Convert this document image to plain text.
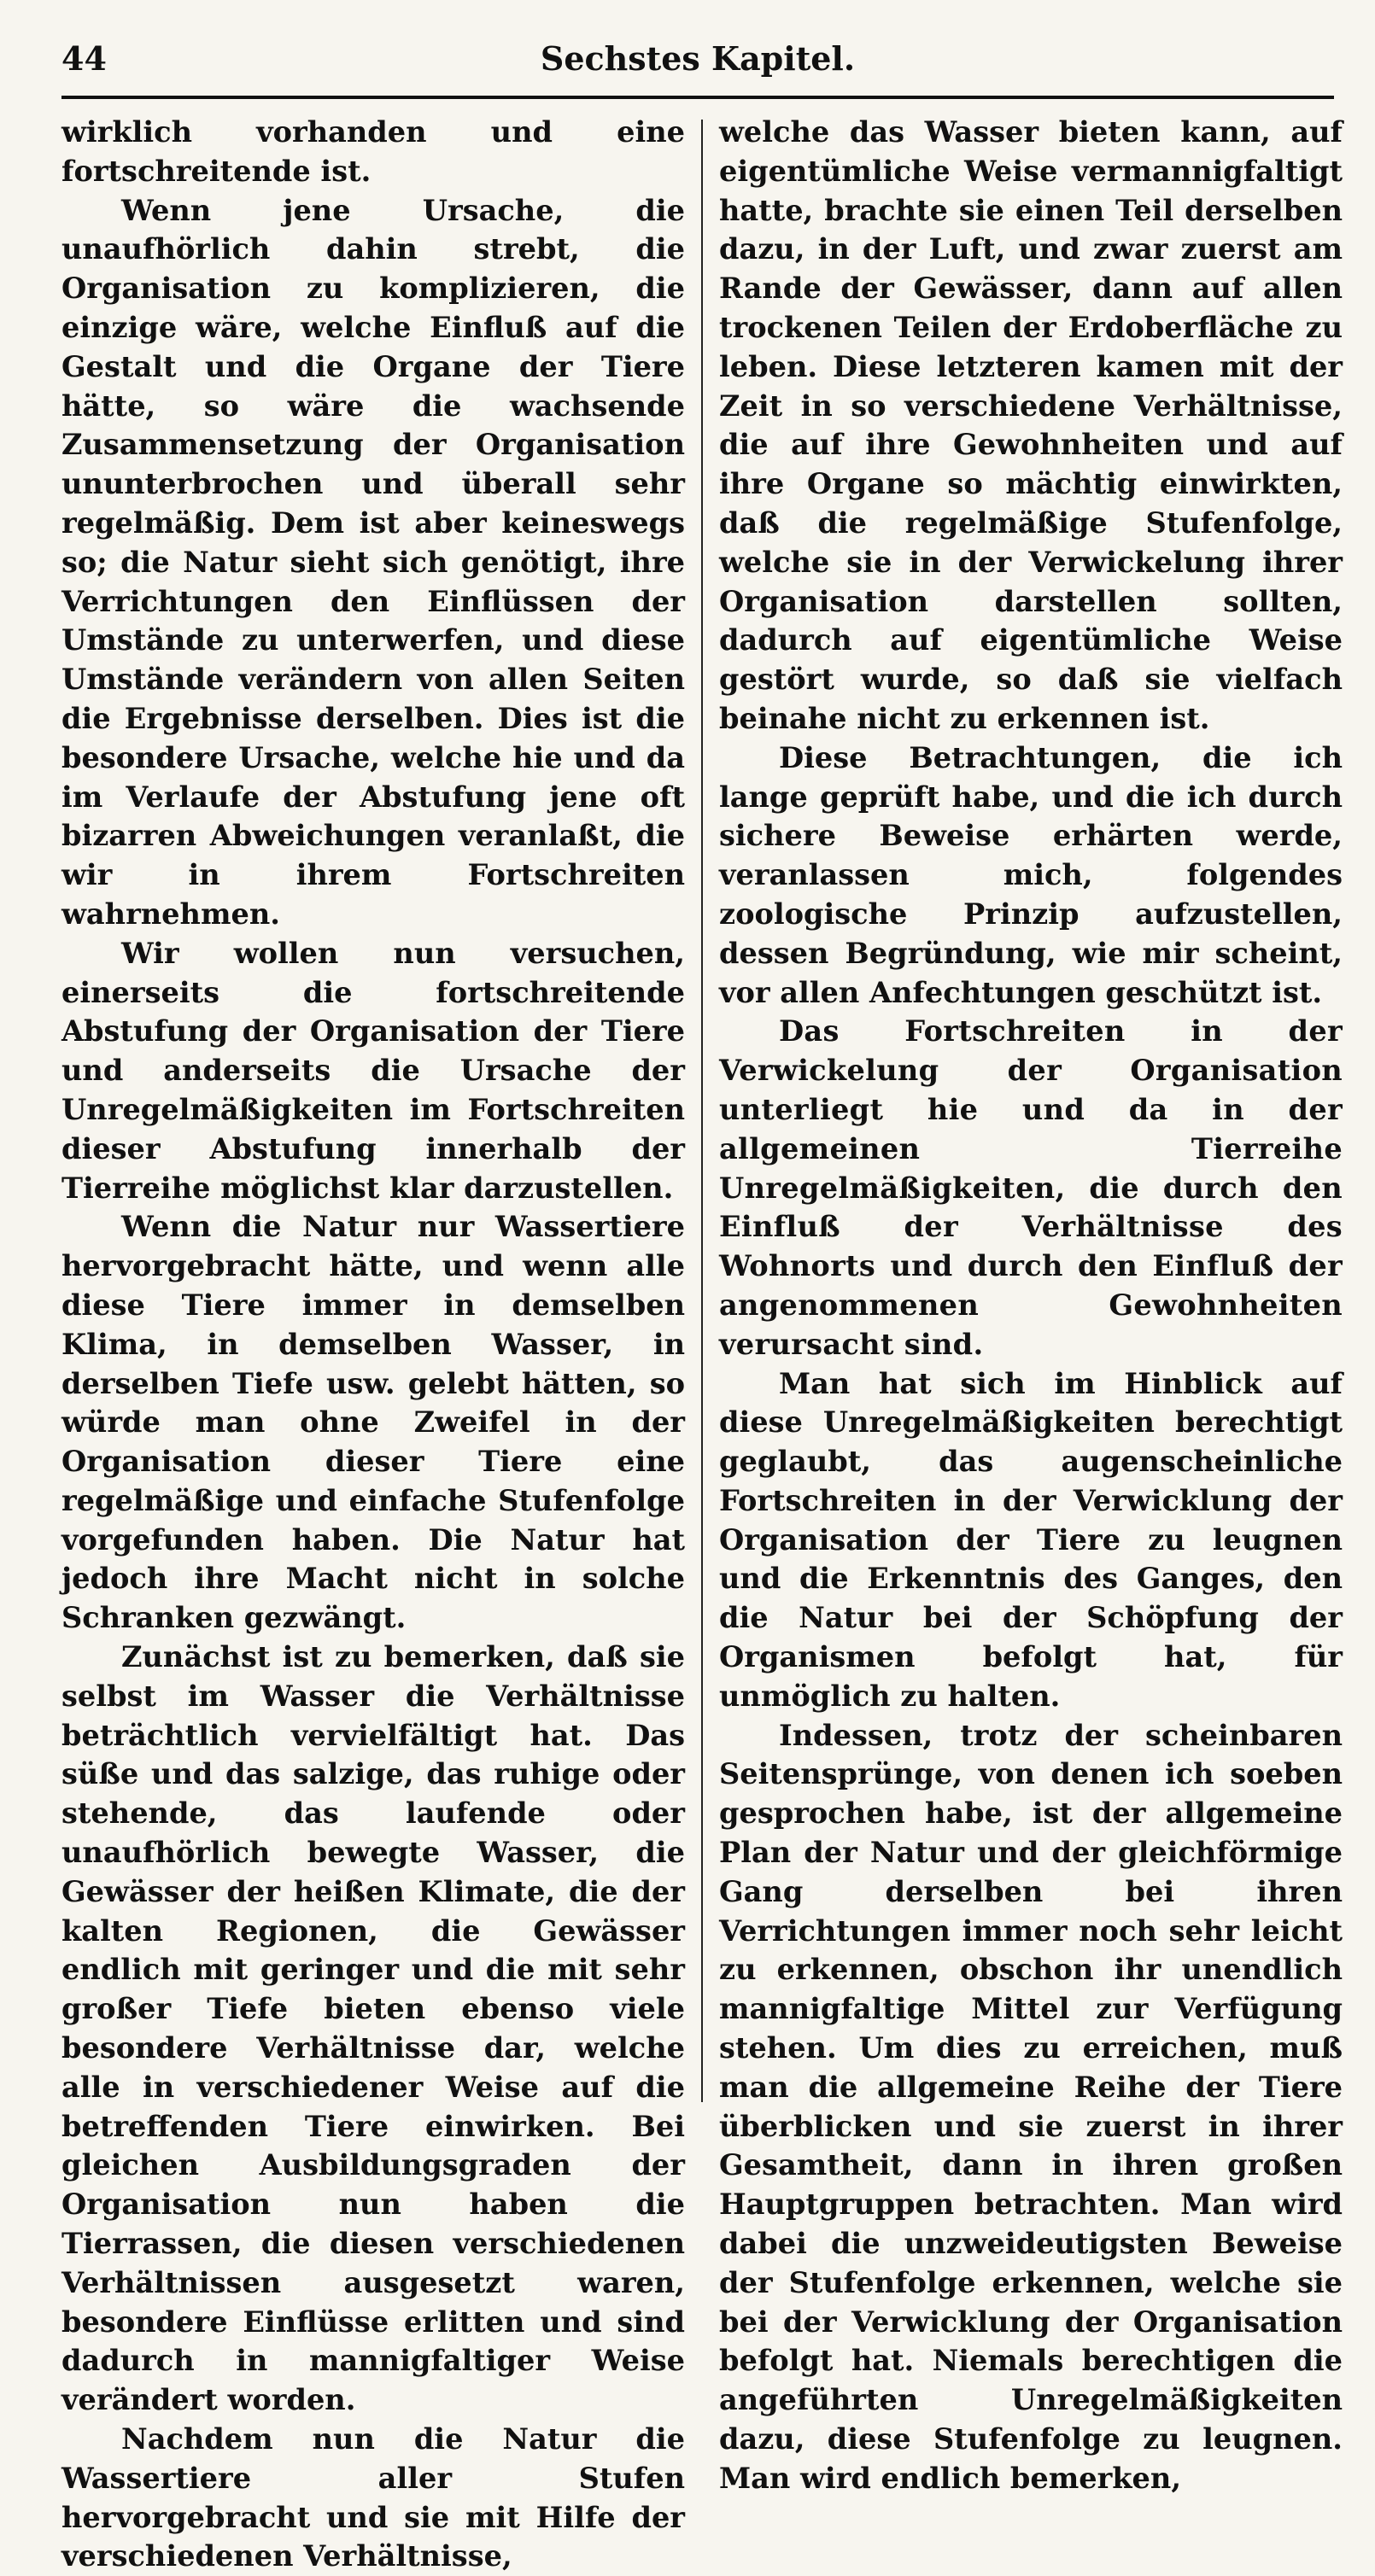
44	Sechstes Kapitel.

wirklich vorhanden und eine fortschreitende ist.

Wenn jene Ursache, die unaufhörlich dahin strebt, die Organisation zu komplizieren, die einzige wäre, welche Einfluß auf die Gestalt und die Organe der Tiere hätte, so wäre die wachsende Zusammensetzung der Organisation ununterbrochen und überall sehr regelmäßig. Dem ist aber keineswegs so; die Natur sieht sich genötigt, ihre Verrichtungen den Einflüssen der Umstände zu unterwerfen, und diese Umstände verändern von allen Seiten die Ergebnisse derselben. Dies ist die besondere Ursache, welche hie und da im Verlaufe der Abstufung jene oft bizarren Abweichungen veranlaßt, die wir in ihrem Fortschreiten wahrnehmen.

Wir wollen nun versuchen, einerseits die fortschreitende Abstufung der Organisation der Tiere und anderseits die Ursache der Unregelmäßigkeiten im Fortschreiten dieser Abstufung innerhalb der Tierreihe möglichst klar darzustellen.

Wenn die Natur nur Wassertiere hervorgebracht hätte, und wenn alle diese Tiere immer in demselben Klima, in demselben Wasser, in derselben Tiefe usw. gelebt hätten, so würde man ohne Zweifel in der Organisation dieser Tiere eine regelmäßige und einfache Stufenfolge vorgefunden haben. Die Natur hat jedoch ihre Macht nicht in solche Schranken gezwängt.

Zunächst ist zu bemerken, daß sie selbst im Wasser die Verhältnisse beträchtlich vervielfältigt hat. Das süße und das salzige, das ruhige oder stehende, das laufende oder unaufhörlich bewegte Wasser, die Gewässer der heißen Klimate, die der kalten Regionen, die Gewässer endlich mit geringer und die mit sehr großer Tiefe bieten ebenso viele besondere Verhältnisse dar, welche alle in verschiedener Weise auf die betreffenden Tiere einwirken. Bei gleichen Ausbildungsgraden der Organisation nun haben die Tierrassen, die diesen verschiedenen Verhältnissen ausgesetzt waren, besondere Einflüsse erlitten und sind dadurch in mannigfaltiger Weise verändert worden.

Nachdem nun die Natur die Wassertiere aller Stufen hervorgebracht und sie mit Hilfe der verschiedenen Verhältnisse,

welche das Wasser bieten kann, auf eigentümliche Weise vermannigfaltigt hatte, brachte sie einen Teil derselben dazu, in der Luft, und zwar zuerst am Rande der Gewässer, dann auf allen trockenen Teilen der Erdoberfläche zu leben. Diese letzteren kamen mit der Zeit in so verschiedene Verhältnisse, die auf ihre Gewohnheiten und auf ihre Organe so mächtig einwirkten, daß die regelmäßige Stufenfolge, welche sie in der Verwickelung ihrer Organisation darstellen sollten, dadurch auf eigentümliche Weise gestört wurde, so daß sie vielfach beinahe nicht zu erkennen ist.

Diese Betrachtungen, die ich lange geprüft habe, und die ich durch sichere Beweise erhärten werde, veranlassen mich, folgendes zoologische Prinzip aufzustellen, dessen Begründung, wie mir scheint, vor allen Anfechtungen geschützt ist.

Das Fortschreiten in der Verwickelung der Organisation unterliegt hie und da in der allgemeinen Tierreihe Unregelmäßigkeiten, die durch den Einfluß der Verhältnisse des Wohnorts und durch den Einfluß der angenommenen Gewohnheiten verursacht sind.

Man hat sich im Hinblick auf diese Unregelmäßigkeiten berechtigt geglaubt, das augenscheinliche Fortschreiten in der Verwicklung der Organisation der Tiere zu leugnen und die Erkenntnis des Ganges, den die Natur bei der Schöpfung der Organismen befolgt hat, für unmöglich zu halten.

Indessen, trotz der scheinbaren Seitensprünge, von denen ich soeben gesprochen habe, ist der allgemeine Plan der Natur und der gleichförmige Gang derselben bei ihren Verrichtungen immer noch sehr leicht zu erkennen, obschon ihr unendlich mannigfaltige Mittel zur Verfügung stehen. Um dies zu erreichen, muß man die allgemeine Reihe der Tiere überblicken und sie zuerst in ihrer Gesamtheit, dann in ihren großen Hauptgruppen betrachten. Man wird dabei die unzweideutigsten Beweise der Stufenfolge erkennen, welche sie bei der Verwicklung der Organisation befolgt hat. Niemals berechtigen die angeführten Unregelmäßigkeiten dazu, diese Stufenfolge zu leugnen. Man wird endlich bemerken,
